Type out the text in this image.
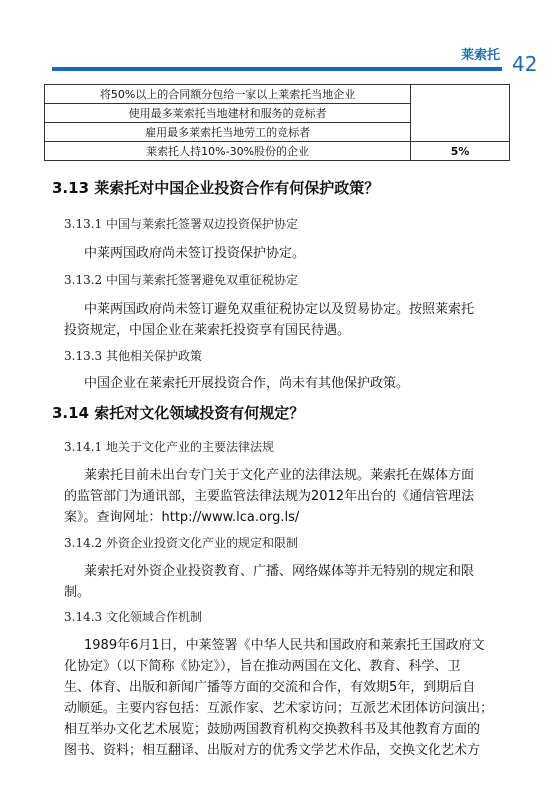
莱索托 42
将50%以上的合同额分包给一家以上莱索托当地企业	
使用最多莱索托当地建材和服务的竞标者	
雇用最多莱索托当地劳工的竞标者	
莱索托人持10%-30%股份的企业	5%
3.13 莱索托对中国企业投资合作有何保护政策？
3.13.1 中国与莱索托签署双边投资保护协定
中莱两国政府尚未签订投资保护协定。
3.13.2 中国与莱索托签署避免双重征税协定
中莱两国政府尚未签订避免双重征税协定以及贸易协定。按照莱索托
投资规定，中国企业在莱索托投资享有国民待遇。
3.13.3 其他相关保护政策
中国企业在莱索托开展投资合作，尚未有其他保护政策。
3.14 索托对文化领域投资有何规定？
3.14.1 地关于文化产业的主要法律法规
莱索托目前未出台专门关于文化产业的法律法规。莱索托在媒体方面
的监管部门为通讯部，主要监管法律法规为2012年出台的《通信管理法
案》。查询网址：http://www.lca.org.ls/
3.14.2 外资企业投资文化产业的规定和限制
莱索托对外资企业投资教育、广播、网络媒体等并无特别的规定和限
制。
3.14.3 文化领域合作机制
1989年6月1日，中莱签署《中华人民共和国政府和莱索托王国政府文
化协定》（以下简称《协定》），旨在推动两国在文化、教育、科学、卫
生、体育、出版和新闻广播等方面的交流和合作，有效期5年，到期后自
动顺延。主要内容包括：互派作家、艺术家访问；互派艺术团体访问演出；
相互举办文化艺术展览；鼓励两国教育机构交换教科书及其他教育方面的
图书、资料；相互翻译、出版对方的优秀文学艺术作品，交换文化艺术方
